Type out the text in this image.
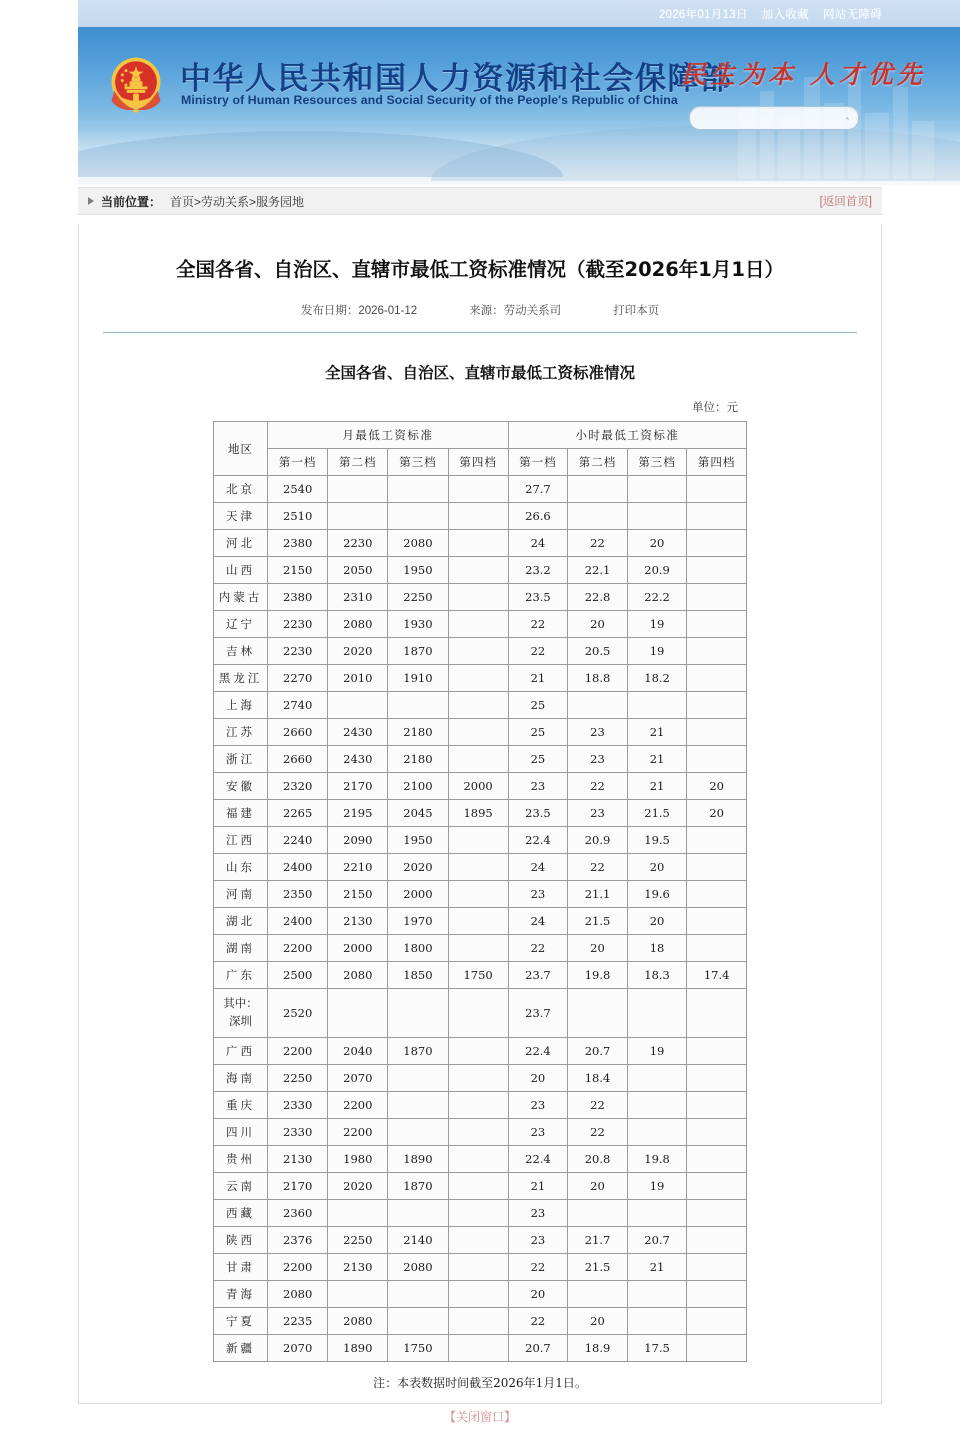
2026年01月13日 加入收藏 网站无障碍
中华人民共和国人力资源和社会保障部
Ministry of Human Resources and Social Security of the People's Republic of China
民生为本 人才优先
当前位置： 首页>劳动关系>服务园地	[返回首页]
全国各省、自治区、直辖市最低工资标准情况（截至2026年1月1日）
发布日期：2026-01-12	来源：劳动关系司	打印本页
全国各省、自治区、直辖市最低工资标准情况
单位：元
地区	月最低工资标准				小时最低工资标准			
	第一档	第二档	第三档	第四档	第一档	第二档	第三档	第四档
北京	2540				27.7			
天津	2510				26.6			
河北	2380	2230	2080		24	22	20	
山西	2150	2050	1950		23.2	22.1	20.9	
内蒙古	2380	2310	2250		23.5	22.8	22.2	
辽宁	2230	2080	1930		22	20	19	
吉林	2230	2020	1870		22	20.5	19	
黑龙江	2270	2010	1910		21	18.8	18.2	
上海	2740				25			
江苏	2660	2430	2180		25	23	21	
浙江	2660	2430	2180		25	23	21	
安徽	2320	2170	2100	2000	23	22	21	20
福建	2265	2195	2045	1895	23.5	23	21.5	20
江西	2240	2090	1950		22.4	20.9	19.5	
山东	2400	2210	2020		24	22	20	
河南	2350	2150	2000		23	21.1	19.6	
湖北	2400	2130	1970		24	21.5	20	
湖南	2200	2000	1800		22	20	18	
广东	2500	2080	1850	1750	23.7	19.8	18.3	17.4
其中：
深圳	2520				23.7			
广西	2200	2040	1870		22.4	20.7	19	
海南	2250	2070			20	18.4		
重庆	2330	2200			23	22		
四川	2330	2200			23	22		
贵州	2130	1980	1890		22.4	20.8	19.8	
云南	2170	2020	1870		21	20	19	
西藏	2360				23			
陕西	2376	2250	2140		23	21.7	20.7	
甘肃	2200	2130	2080		22	21.5	21	
青海	2080				20			
宁夏	2235	2080			22	20		
新疆	2070	1890	1750		20.7	18.9	17.5	
注：本表数据时间截至2026年1月1日。
【关闭窗口】
